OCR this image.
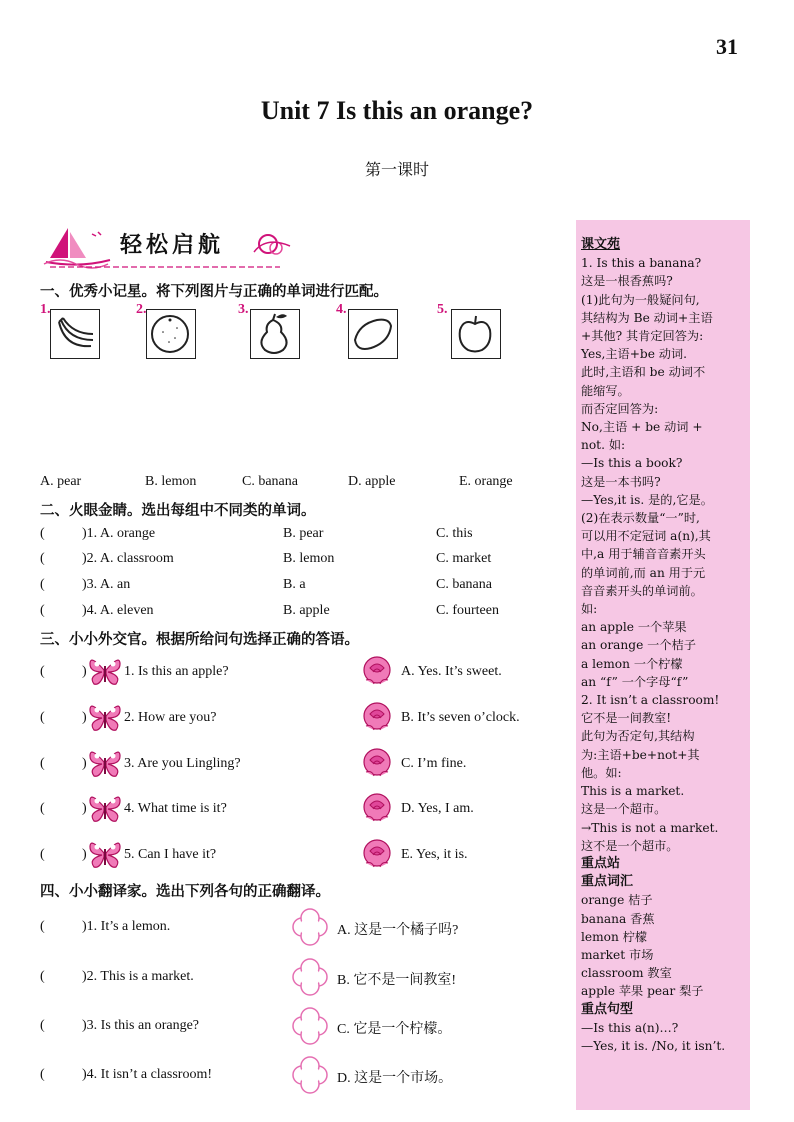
31
Unit 7 Is this an orange?
第一课时
轻松启航
一、优秀小记星。将下列图片与正确的单词进行匹配。
1.	2.	3.	4.	5.
A. pear	B. lemon	C. banana	D. apple	E. orange
二、火眼金睛。选出每组中不同类的单词。
(	)1. A. orange	B. pear	C. this
(	)2. A. classroom	B. lemon	C. market
(	)3. A. an	B. a	C. banana
(	)4. A. eleven	B. apple	C. fourteen
三、小小外交官。根据所给问句选择正确的答语。
(	)	1. Is this an apple?	A. Yes. It’s sweet.
(	)	2. How are you?	B. It’s seven o’clock.
(	)	3. Are you Lingling?	C. I’m fine.
(	)	4. What time is it?	D. Yes, I am.
(	)	5. Can I have it?	E. Yes, it is.
四、小小翻译家。选出下列各句的正确翻译。
(	)1. It’s a lemon.	A. 这是一个橘子吗?
(	)2. This is a market.	B. 它不是一间教室!
(	)3. Is this an orange?	C. 它是一个柠檬。
(	)4. It isn’t a classroom!	D. 这是一个市场。
课文苑
1. Is this a banana?
这是一根香蕉吗?
(1)此句为一般疑问句,
其结构为 Be 动词+主语
+其他? 其肯定回答为:
Yes,主语+be 动词.
此时,主语和 be 动词不
能缩写。
而否定回答为:
No,主语 + be 动词 +
not. 如:
—Is this a book?
这是一本书吗?
—Yes,it is. 是的,它是。
(2)在表示数量“一”时,
可以用不定冠词 a(n),其
中,a 用于辅音音素开头
的单词前,而 an 用于元
音音素开头的单词前。
如:
an apple 一个苹果
an orange 一个桔子
a lemon 一个柠檬
an “f” 一个字母“f”
2. It isn’t a classroom!
它不是一间教室!
此句为否定句,其结构
为:主语+be+not+其
他。如:
This is a market.
这是一个超市。
→This is not a market.
这不是一个超市。
重点站
重点词汇
orange 桔子
banana 香蕉
lemon 柠檬
market 市场
classroom 教室
apple 苹果 pear 梨子
重点句型
—Is this a(n)…?
—Yes, it is. /No, it isn’t.
